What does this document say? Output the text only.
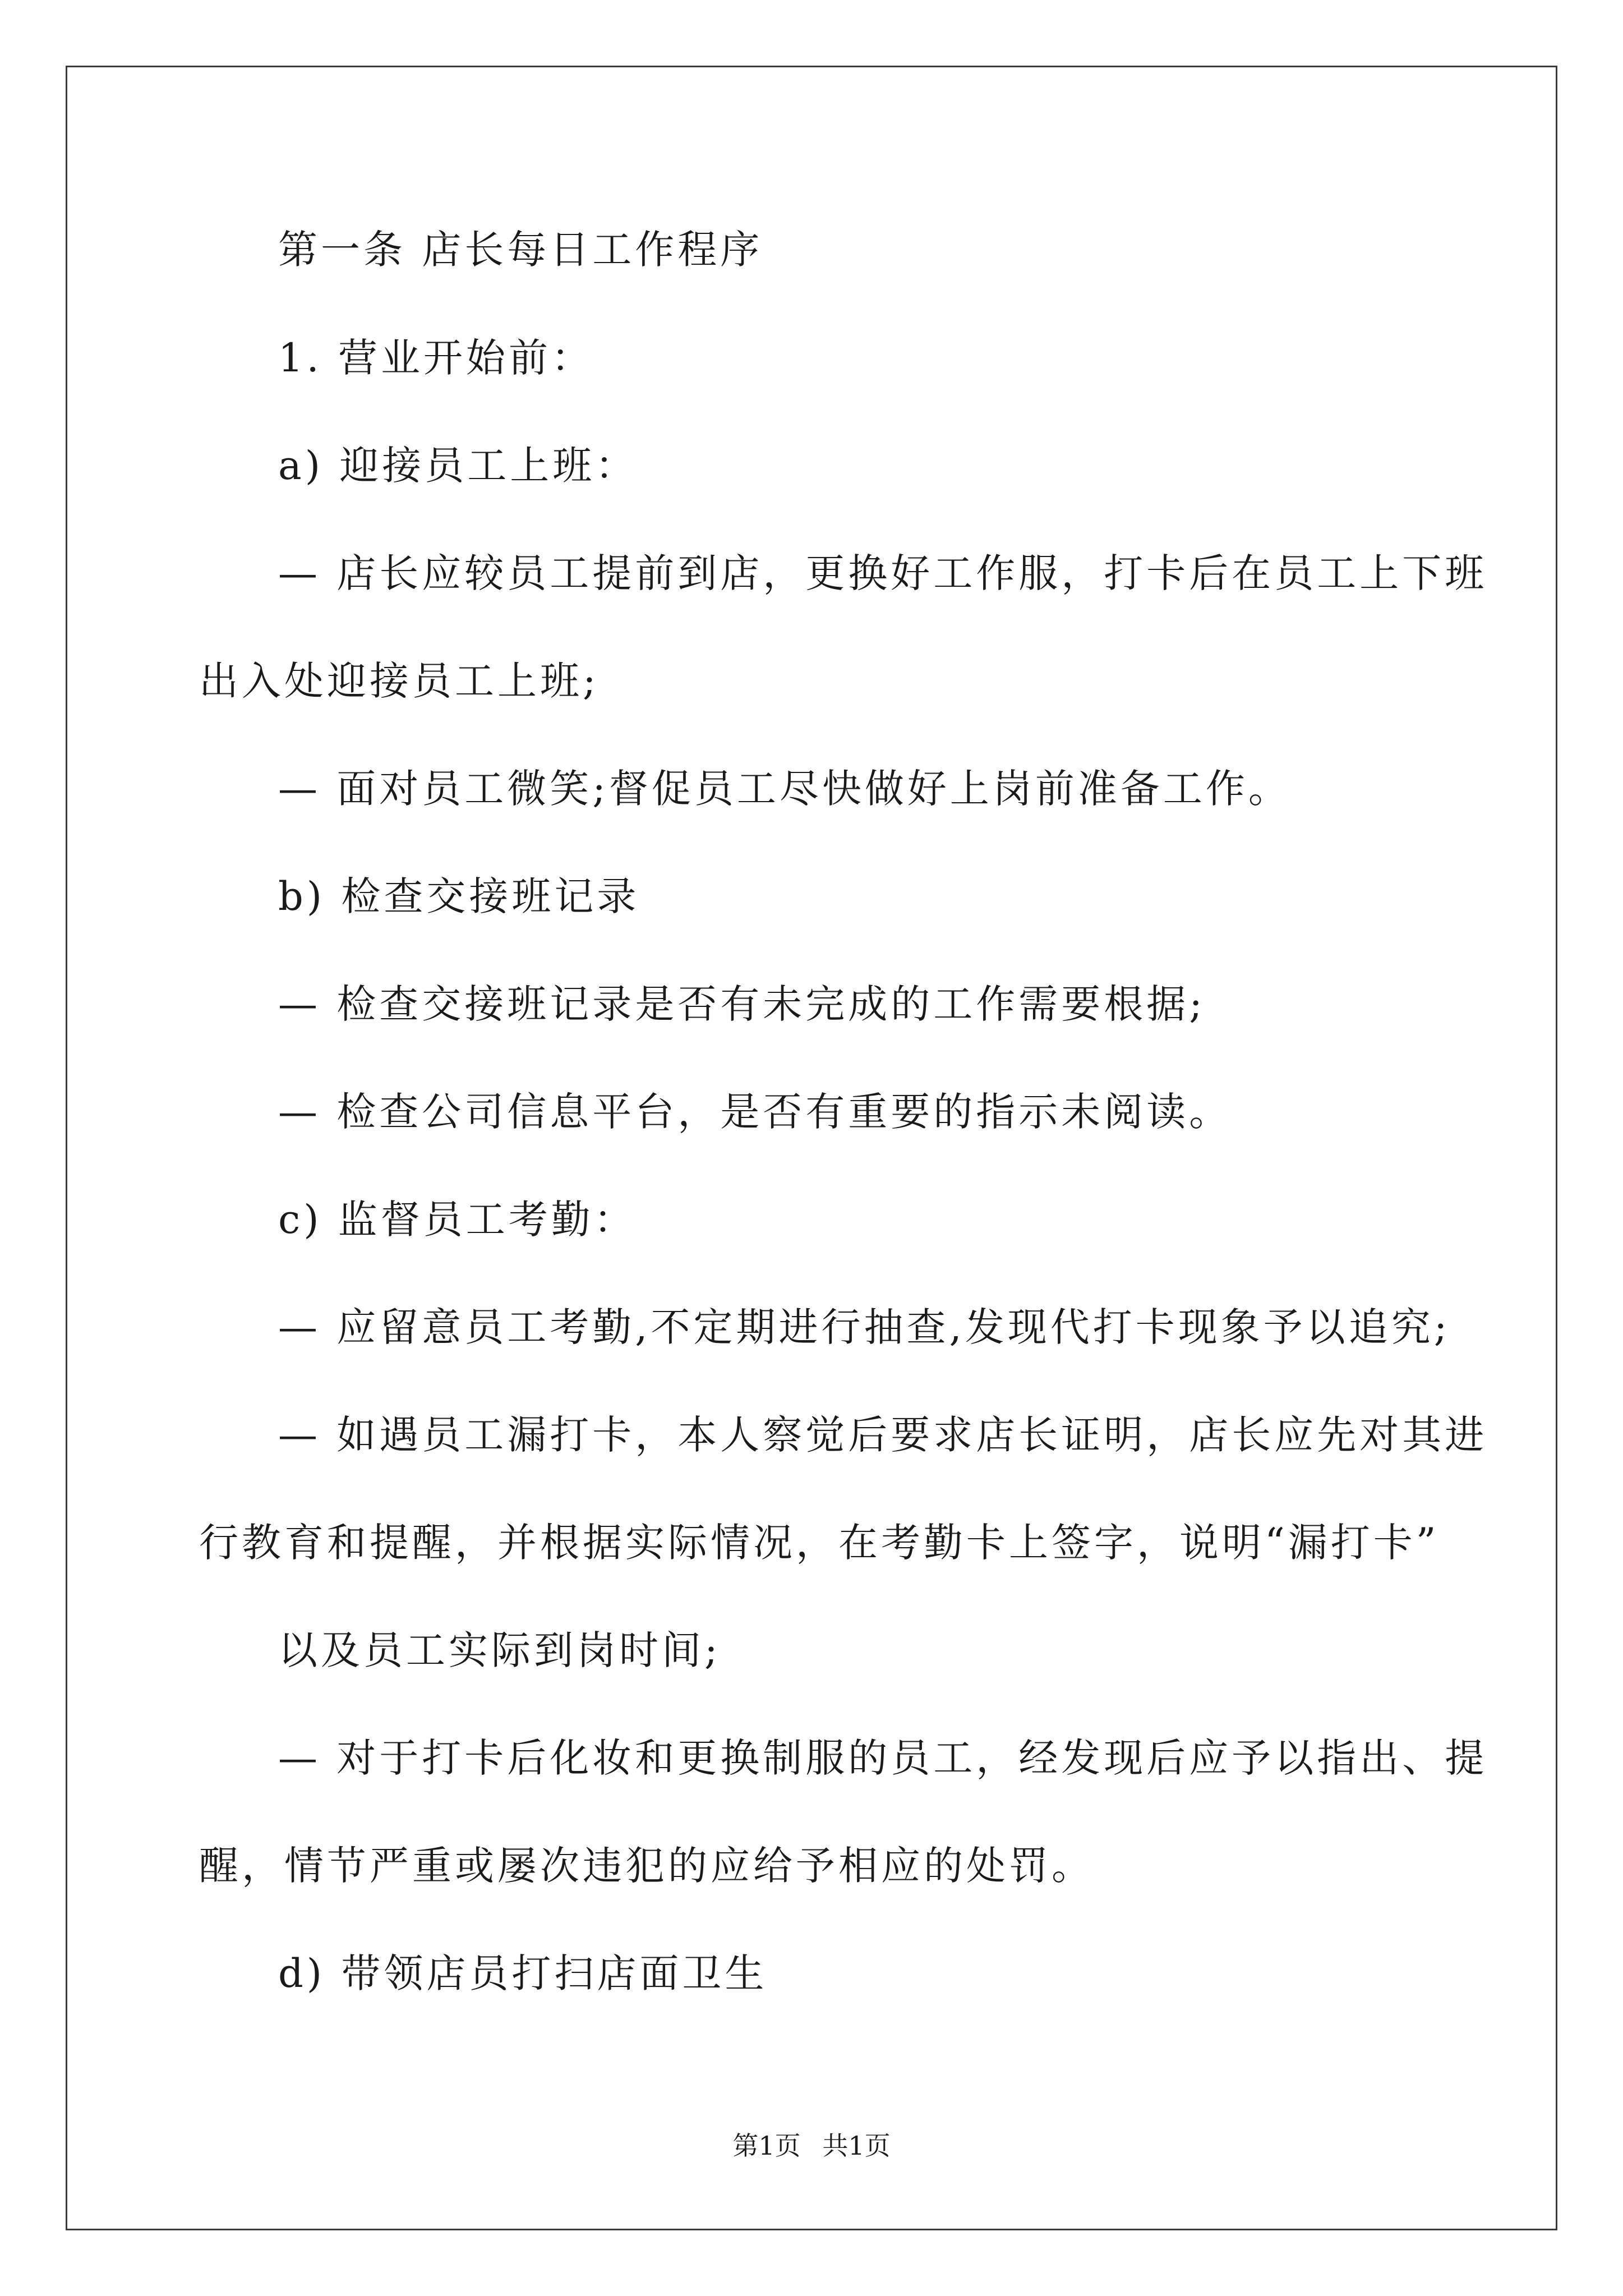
第一条 店长每日工作程序

1. 营业开始前：

a) 迎接员工上班：

— 店长应较员工提前到店，更换好工作服，打卡后在员工上下班

出入处迎接员工上班;

— 面对员工微笑;督促员工尽快做好上岗前准备工作。

b) 检查交接班记录

— 检查交接班记录是否有未完成的工作需要根据;

— 检查公司信息平台，是否有重要的指示未阅读。

c) 监督员工考勤：

— 应留意员工考勤,不定期进行抽查,发现代打卡现象予以追究;

— 如遇员工漏打卡，本人察觉后要求店长证明，店长应先对其进

行教育和提醒，并根据实际情况，在考勤卡上签字，说明“漏打卡”

以及员工实际到岗时间;

— 对于打卡后化妆和更换制服的员工，经发现后应予以指出、提

醒，情节严重或屡次违犯的应给予相应的处罚。

d) 带领店员打扫店面卫生

第1页 共1页
